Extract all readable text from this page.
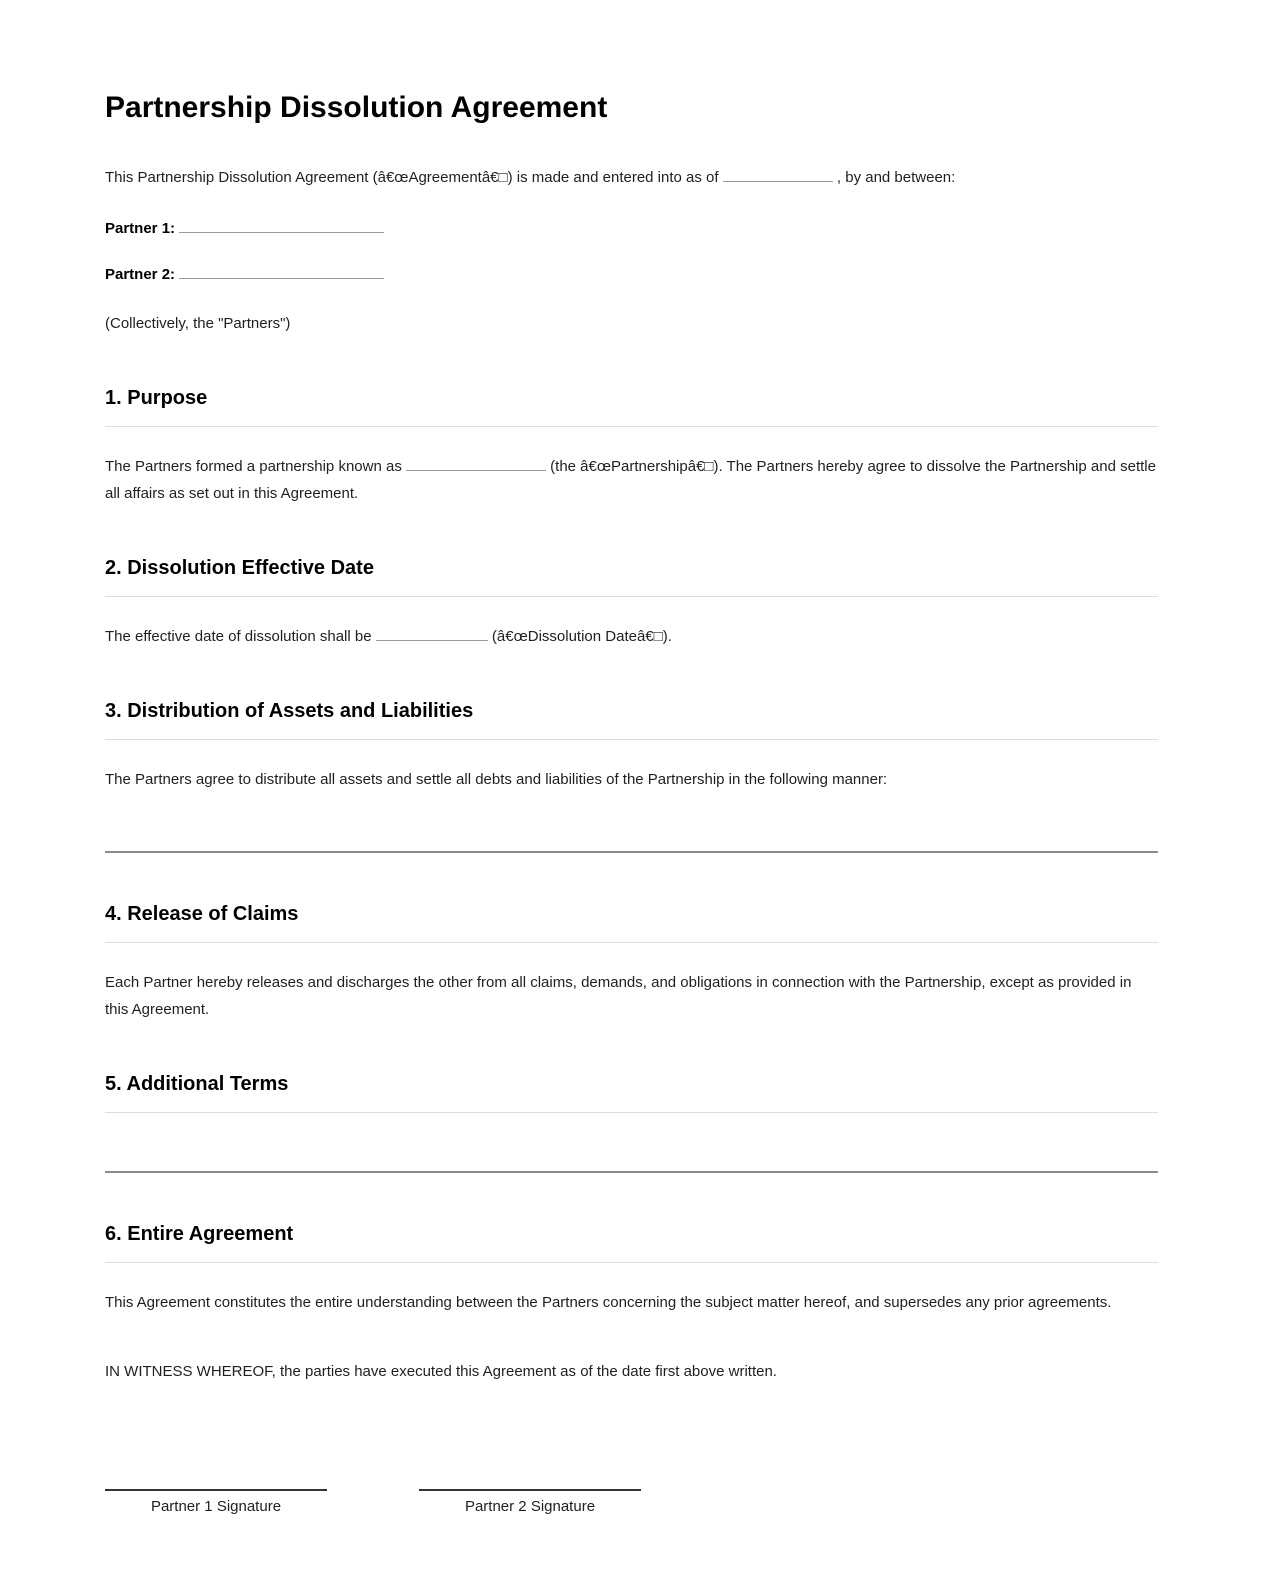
Partnership Dissolution Agreement

This Partnership Dissolution Agreement (â€œAgreementâ€□) is made and entered into as of	, by and between:

Partner 1:

Partner 2:

(Collectively, the "Partners")

1. Purpose

The Partners formed a partnership known as	(the â€œPartnershipâ€□). The Partners hereby agree to dissolve the Partnership and settle all affairs as set out in this Agreement.

2. Dissolution Effective Date

The effective date of dissolution shall be	(â€œDissolution Dateâ€□).

3. Distribution of Assets and Liabilities

The Partners agree to distribute all assets and settle all debts and liabilities of the Partnership in the following manner:

4. Release of Claims

Each Partner hereby releases and discharges the other from all claims, demands, and obligations in connection with the Partnership, except as provided in this Agreement.

5. Additional Terms
6. Entire Agreement

This Agreement constitutes the entire understanding between the Partners concerning the subject matter hereof, and supersedes any prior agreements.

IN WITNESS WHEREOF, the parties have executed this Agreement as of the date first above written.

Partner 1 Signature	Partner 2 Signature
